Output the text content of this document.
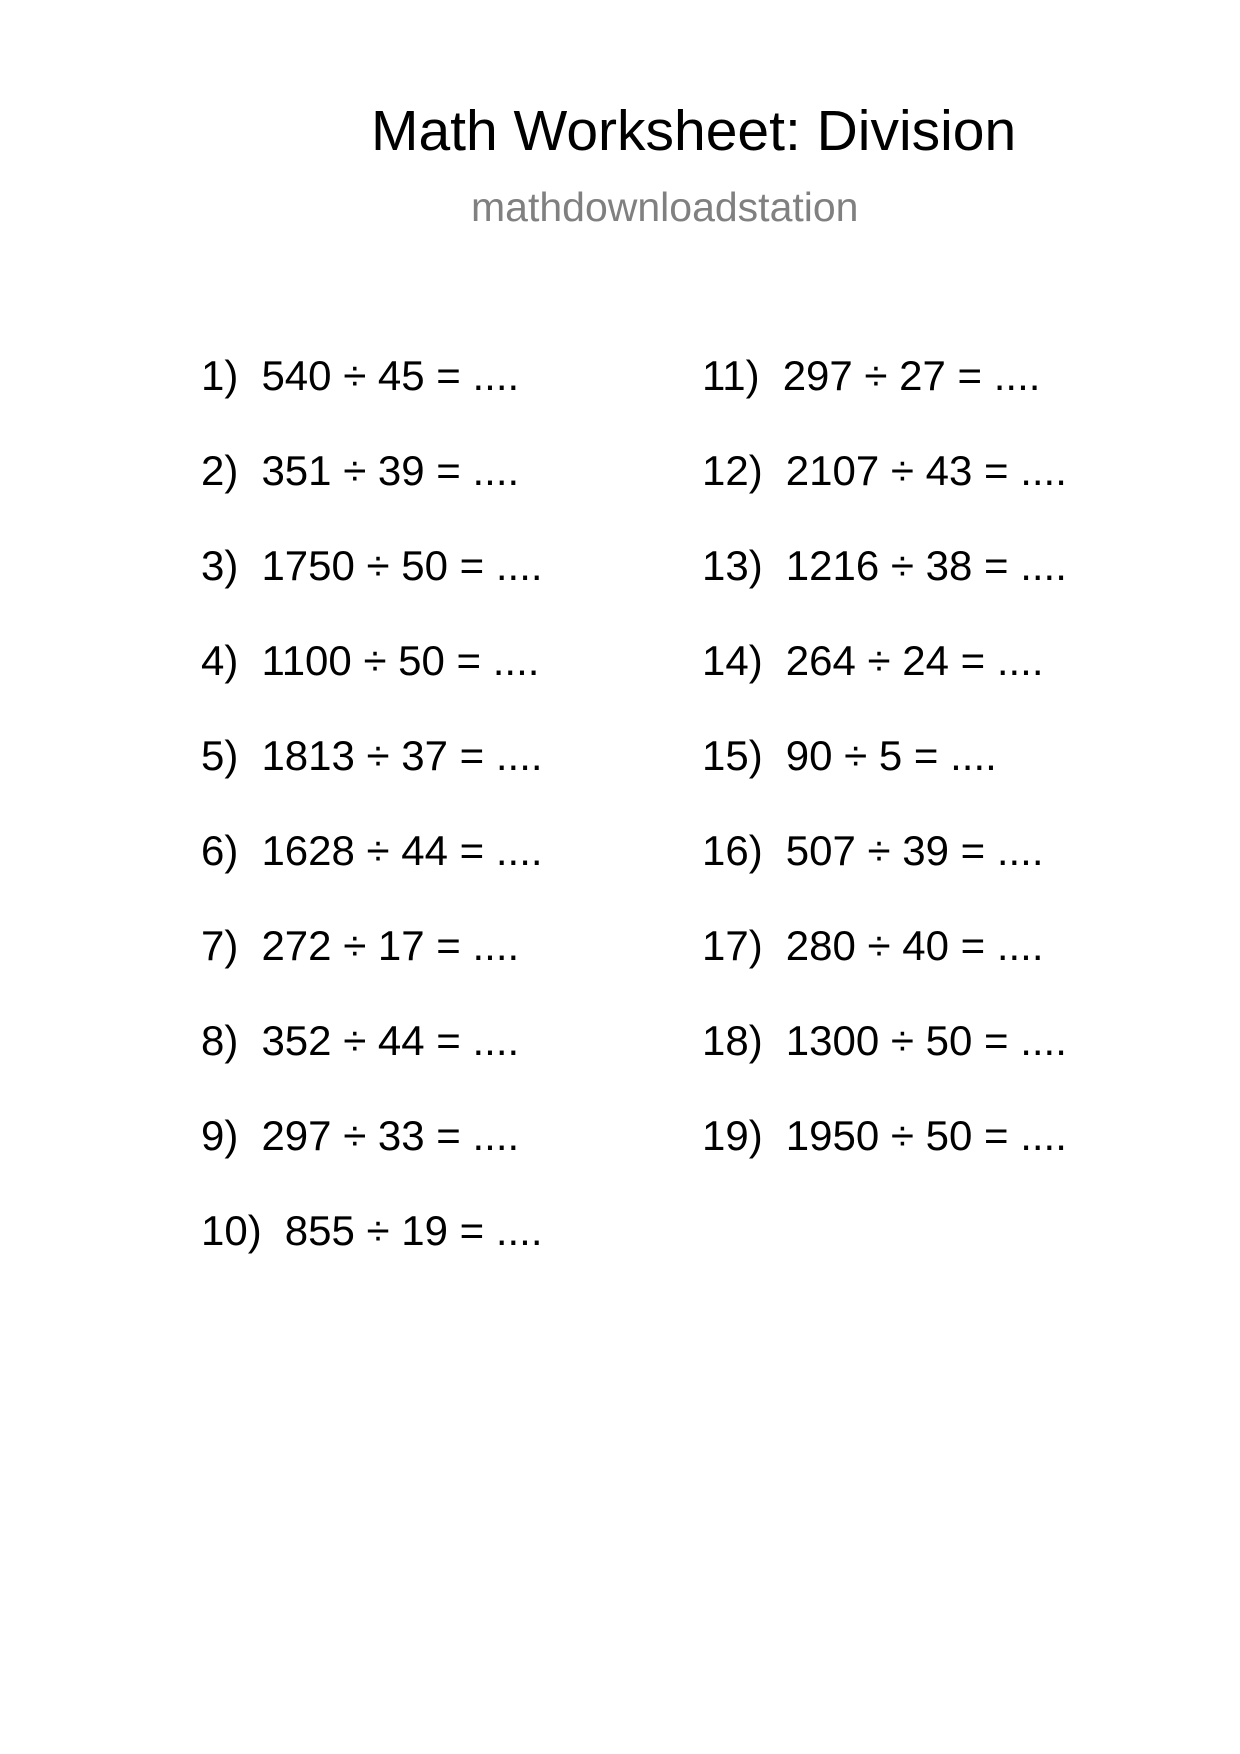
Math Worksheet: Division
mathdownloadstation
1) 540 ÷ 45 = ....
2) 351 ÷ 39 = ....
3) 1750 ÷ 50 = ....
4) 1100 ÷ 50 = ....
5) 1813 ÷ 37 = ....
6) 1628 ÷ 44 = ....
7) 272 ÷ 17 = ....
8) 352 ÷ 44 = ....
9) 297 ÷ 33 = ....
10) 855 ÷ 19 = ....
11) 297 ÷ 27 = ....
12) 2107 ÷ 43 = ....
13) 1216 ÷ 38 = ....
14) 264 ÷ 24 = ....
15) 90 ÷ 5 = ....
16) 507 ÷ 39 = ....
17) 280 ÷ 40 = ....
18) 1300 ÷ 50 = ....
19) 1950 ÷ 50 = ....
